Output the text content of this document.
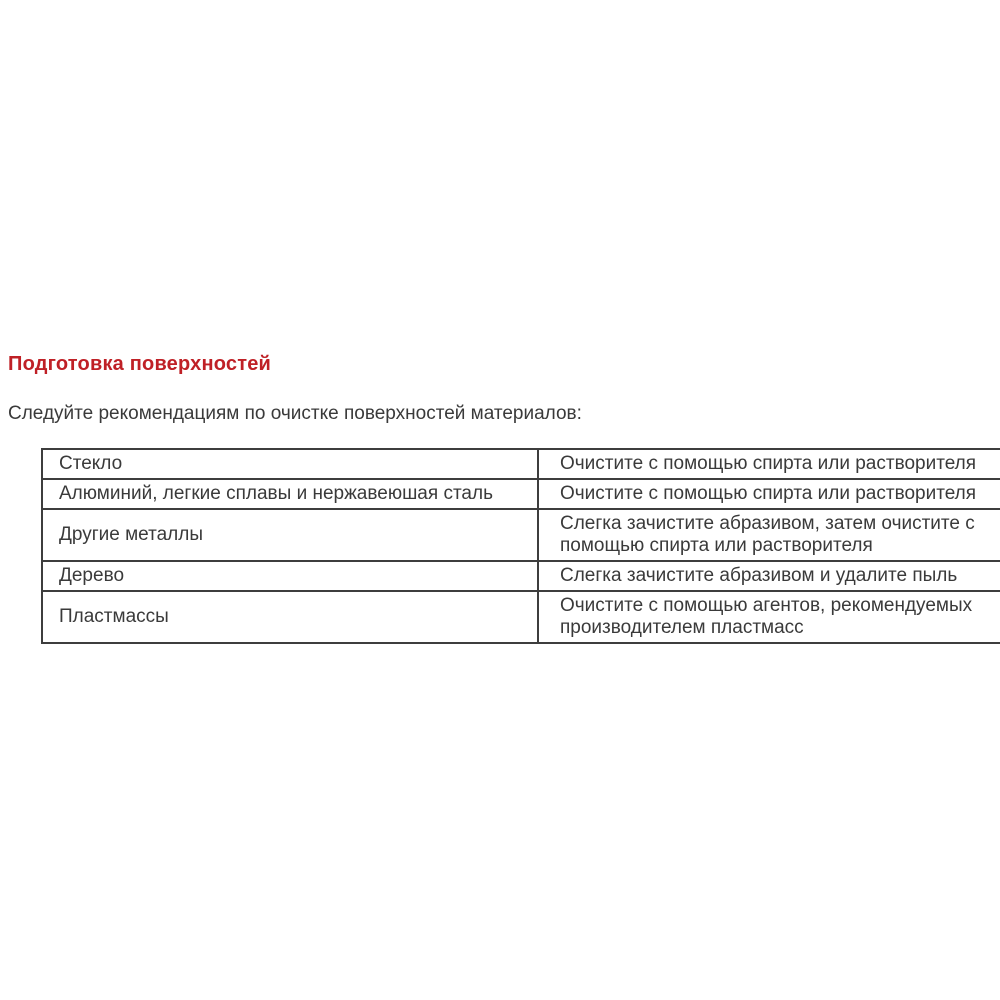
Подготовка поверхностей
Следуйте рекомендациям по очистке поверхностей материалов:
Стекло	Очистите с помощью спирта или растворителя
Алюминий, легкие сплавы и нержавеюшая сталь	Очистите с помощью спирта или растворителя
Другие металлы	Слегка зачистите абразивом, затем очистите с помощью спирта или растворителя
Дерево	Слегка зачистите абразивом и удалите пыль
Пластмассы	Очистите с помощью агентов, рекомендуемых производителем пластмасс
